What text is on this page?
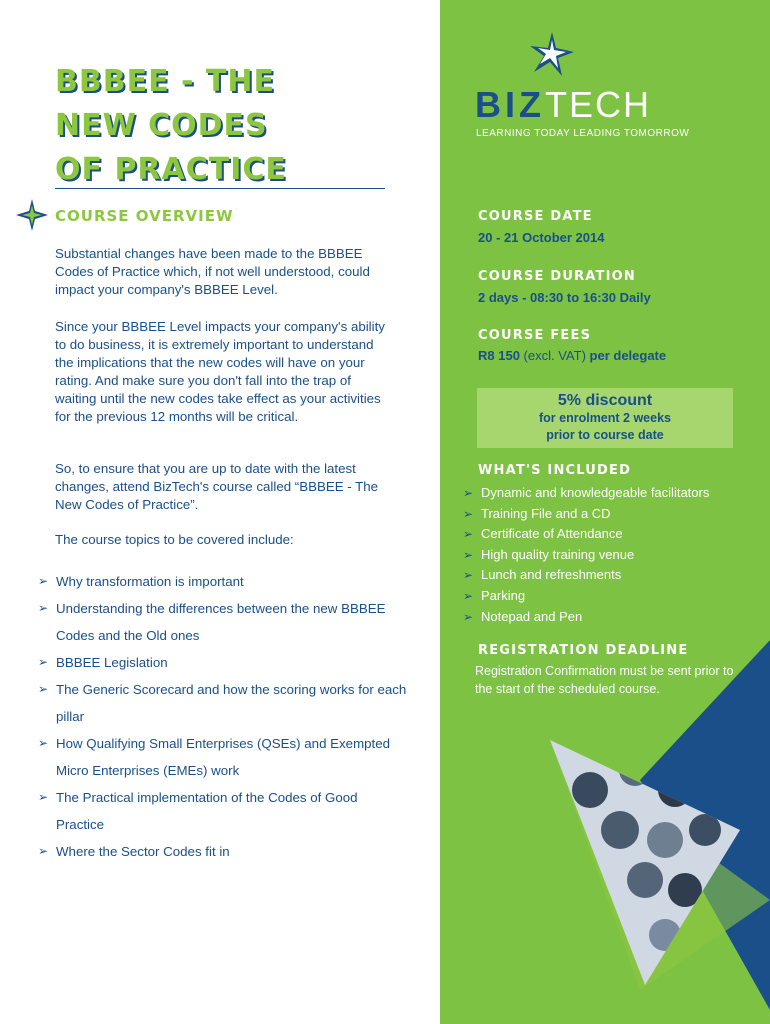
BBBEE - THE
NEW CODES
OF PRACTICE
COURSE OVERVIEW

Substantial changes have been made to the BBBEE Codes of Practice which, if not well understood, could impact your company's BBBEE Level.

Since your BBBEE Level impacts your company's ability to do business, it is extremely important to understand the implications that the new codes will have on your rating. And make sure you don't fall into the trap of waiting until the new codes take effect as your activities for the previous 12 months will be critical.

So, to ensure that you are up to date with the latest changes, attend BizTech's course called “BBBEE - The New Codes of Practice”.

The course topics to be covered include:

➢ Why transformation is important
➢ Understanding the differences between the new BBBEE Codes and the Old ones
➢ BBBEE Legislation
➢ The Generic Scorecard and how the scoring works for each pillar
➢ How Qualifying Small Enterprises (QSEs) and Exempted Micro Enterprises (EMEs) work
➢ The Practical implementation of the Codes of Good Practice
➢ Where the Sector Codes fit in
BIZTECH
LEARNING TODAY LEADING TOMORROW
COURSE DATE

20 - 21 October 2014

COURSE DURATION

2 days - 08:30 to 16:30 Daily

COURSE FEES

R8 150 (excl. VAT) per delegate

5% discount
for enrolment 2 weeks
prior to course date
WHAT'S INCLUDED
➢ Dynamic and knowledgeable facilitators
➢ Training File and a CD
➢ Certificate of Attendance
➢ High quality training venue
➢ Lunch and refreshments
➢ Parking
➢ Notepad and Pen
REGISTRATION DEADLINE

Registration Confirmation must be sent prior to the start of the scheduled course.
